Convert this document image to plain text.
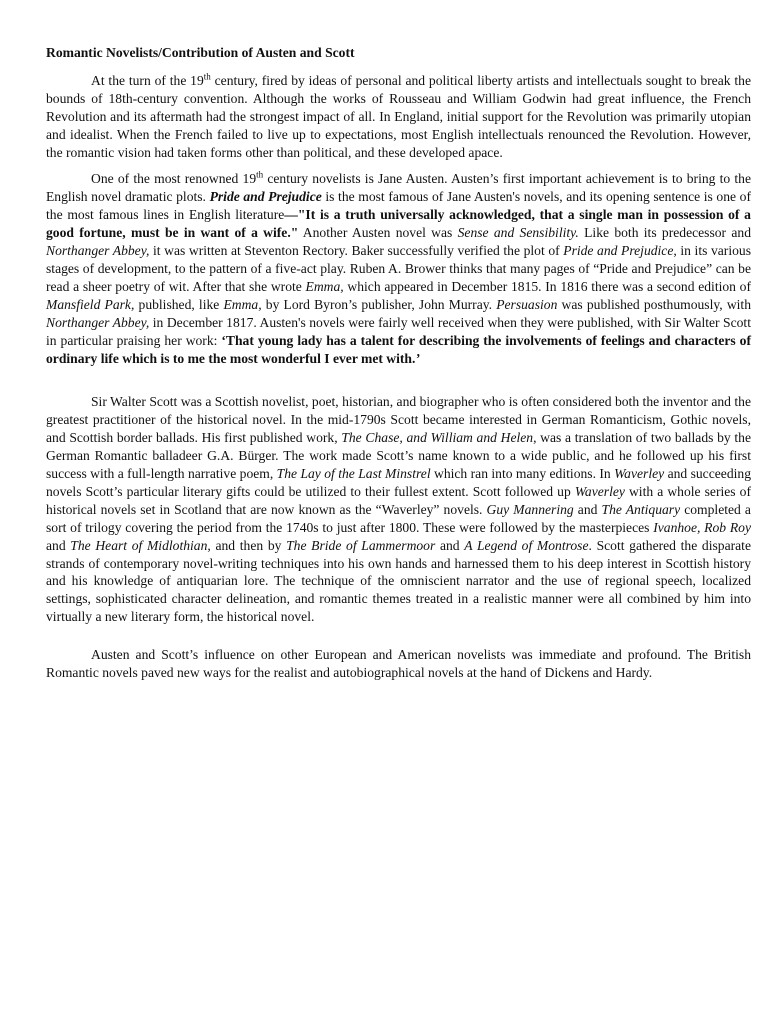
Romantic Novelists/Contribution of Austen and Scott

At the turn of the 19th century, fired by ideas of personal and political liberty artists and intellectuals sought to break the bounds of 18th-century convention. Although the works of Rousseau and William Godwin had great influence, the French Revolution and its aftermath had the strongest impact of all. In England, initial support for the Revolution was primarily utopian and idealist. When the French failed to live up to expectations, most English intellectuals renounced the Revolution. However, the romantic vision had taken forms other than political, and these developed apace.

One of the most renowned 19th century novelists is Jane Austen. Austen’s first important achievement is to bring to the English novel dramatic plots. Pride and Prejudice is the most famous of Jane Austen's novels, and its opening sentence is one of the most famous lines in English literature—"It is a truth universally acknowledged, that a single man in possession of a good fortune, must be in want of a wife." Another Austen novel was Sense and Sensibility. Like both its predecessor and Northanger Abbey, it was written at Steventon Rectory. Baker successfully verified the plot of Pride and Prejudice, in its various stages of development, to the pattern of a five-act play. Ruben A. Brower thinks that many pages of “Pride and Prejudice” can be read a sheer poetry of wit. After that she wrote Emma, which appeared in December 1815. In 1816 there was a second edition of Mansfield Park, published, like Emma, by Lord Byron’s publisher, John Murray. Persuasion was published posthumously, with Northanger Abbey, in December 1817. Austen's novels were fairly well received when they were published, with Sir Walter Scott in particular praising her work: ‘That young lady has a talent for describing the involvements of feelings and characters of ordinary life which is to me the most wonderful I ever met with.’

Sir Walter Scott was a Scottish novelist, poet, historian, and biographer who is often considered both the inventor and the greatest practitioner of the historical novel. In the mid-1790s Scott became interested in German Romanticism, Gothic novels, and Scottish border ballads. His first published work, The Chase, and William and Helen, was a translation of two ballads by the German Romantic balladeer G.A. Bürger. The work made Scott’s name known to a wide public, and he followed up his first success with a full-length narrative poem, The Lay of the Last Minstrel which ran into many editions. In Waverley and succeeding novels Scott’s particular literary gifts could be utilized to their fullest extent. Scott followed up Waverley with a whole series of historical novels set in Scotland that are now known as the “Waverley” novels. Guy Mannering and The Antiquary completed a sort of trilogy covering the period from the 1740s to just after 1800. These were followed by the masterpieces Ivanhoe, Rob Roy and The Heart of Midlothian, and then by The Bride of Lammermoor and A Legend of Montrose. Scott gathered the disparate strands of contemporary novel-writing techniques into his own hands and harnessed them to his deep interest in Scottish history and his knowledge of antiquarian lore. The technique of the omniscient narrator and the use of regional speech, localized settings, sophisticated character delineation, and romantic themes treated in a realistic manner were all combined by him into virtually a new literary form, the historical novel.

Austen and Scott’s influence on other European and American novelists was immediate and profound. The British Romantic novels paved new ways for the realist and autobiographical novels at the hand of Dickens and Hardy.
